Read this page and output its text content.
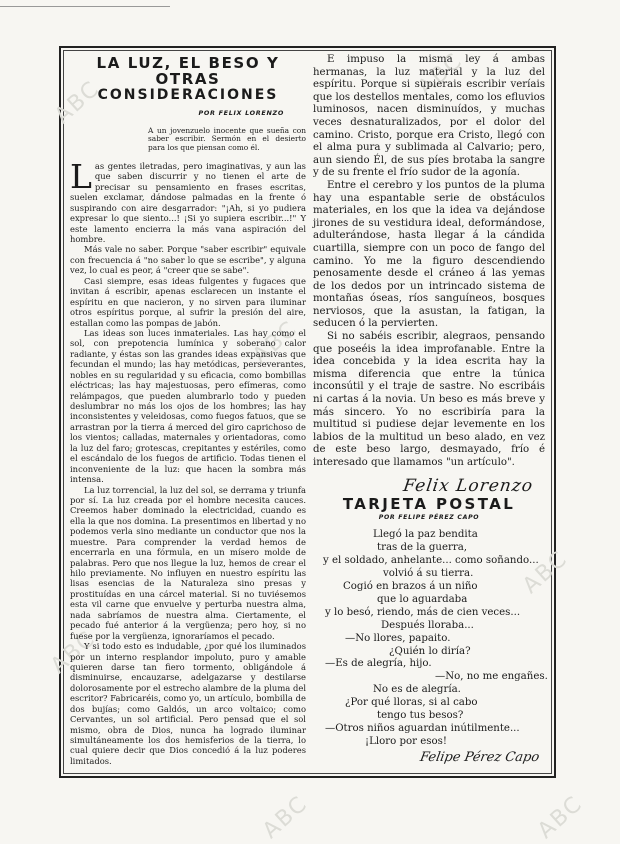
ABC
ABC
ABC
ABC
ABC
ABC	ABC
LA LUZ, EL BESO Y OTRAS
CONSIDERACIONES
POR FELIX LORENZO
A un jovenzuelo inocente que sueña con saber escribir. Sermón en el desierto para los que piensan como él.

Las gentes iletradas, pero imaginativas, y aun las que saben discurrir y no tienen el arte de precisar su pensamiento en frases escritas, suelen exclamar, dándose palmadas en la frente ó suspirando con aire desgarrador: "¡Ah, si yo pudiera expresar lo que siento...! ¡Si yo supiera escribir...!" Y este lamento encierra la más vana aspiración del hombre.

Más vale no saber. Porque "saber escribir" equivale con frecuencia á "no saber lo que se escribe", y alguna vez, lo cual es peor, á "creer que se sabe".

Casi siempre, esas ideas fulgentes y fugaces que invitan á escribir, apenas esclarecen un instante el espíritu en que nacieron, y no sirven para iluminar otros espíritus porque, al sufrir la presión del aire, estallan como las pompas de jabón.

Las ideas son luces inmateriales. Las hay como el sol, con prepotencia lumínica y soberano calor radiante, y éstas son las grandes ideas expansivas que fecundan el mundo; las hay metódicas, perseverantes, nobles en su regularidad y su eficacia, como bombillas eléctricas; las hay majestuosas, pero efímeras, como relámpagos, que pueden alumbrarlo todo y pueden deslumbrar no más los ojos de los hombres; las hay inconsistentes y veleidosas, como fuegos fatuos, que se arrastran por la tierra á merced del giro caprichoso de los vientos; calladas, maternales y orientadoras, como la luz del faro; grotescas, crepitantes y estériles, como el escándalo de los fuegos de artificio. Todas tienen el inconveniente de la luz: que hacen la sombra más intensa.

La luz torrencial, la luz del sol, se derrama y triunfa por sí. La luz creada por el hombre necesita cauces. Creemos haber dominado la electricidad, cuando es ella la que nos domina. La presentimos en libertad y no podemos verla sino mediante un conductor que nos la muestre. Para comprender la verdad hemos de encerrarla en una fórmula, en un mísero molde de palabras. Pero que nos llegue la luz, hemos de crear el hilo previamente. No influyen en nuestro espíritu las lisas esencias de la Naturaleza sino presas y prostituídas en una cárcel material. Si no tuviésemos esta vil carne que envuelve y perturba nuestra alma, nada sabríamos de nuestra alma. Ciertamente, el pecado fué anterior á la vergüenza; pero hoy, si no fuese por la vergüenza, ignoraríamos el pecado.

Y si todo esto es indudable, ¿por qué los iluminados por un interno resplandor impoluto, puro y amable quieren darse tan fiero tormento, obligándole á disminuirse, encauzarse, adelgazarse y destilarse dolorosamente por el estrecho alambre de la pluma del escritor? Fabricaréis, como yo, un artículo, bombilla de dos bujías; como Galdós, un arco voltaico; como Cervantes, un sol artificial. Pero pensad que el sol mismo, obra de Dios, nunca ha logrado iluminar simultáneamente los dos hemisferios de la tierra, lo cual quiere decir que Dios concedió á la luz poderes limitados.

E impuso la misma ley á ambas hermanas, la luz material y la luz del espíritu. Porque si supierais escribir veríais que los destellos mentales, como los efluvios luminosos, nacen disminuídos, y muchas veces desnaturalizados, por el dolor del camino. Cristo, porque era Cristo, llegó con el alma pura y sublimada al Calvario; pero, aun siendo Él, de sus píes brotaba la sangre y de su frente el frío sudor de la agonía.

Entre el cerebro y los puntos de la pluma hay una espantable serie de obstáculos materiales, en los que la idea va dejándose jirones de su vestidura ideal, deformándose, adulterándose, hasta llegar á la cándida cuartilla, siempre con un poco de fango del camino. Yo me la figuro descendiendo penosamente desde el cráneo á las yemas de los dedos por un intrincado sistema de montañas óseas, ríos sanguíneos, bosques nerviosos, que la asustan, la fatigan, la seducen ó la pervierten.

Si no sabéis escribir, alegraos, pensando que poseéis la idea improfanable. Entre la idea concebida y la idea escrita hay la misma diferencia que entre la túnica inconsútil y el traje de sastre. No escribáis ni cartas á la novia. Un beso es más breve y más sincero. Yo no escribiría para la multitud si pudiese dejar levemente en los labios de la multitud un beso alado, en vez de este beso largo, desmayado, frío é interesado que llamamos "un artículo".

Felix Lorenzo
TARJETA POSTAL
POR FELIPE PÉREZ CAPO
Llegó la paz bendita
tras de la guerra,
y el soldado, anhelante... como soñando...
volvió á su tierra.
Cogió en brazos á un niño
que lo aguardaba
y lo besó, riendo, más de cien veces...
Después lloraba...
—No llores, papaito.
¿Quién lo diría?
—Es de alegría, hijo.
—No, no me engañes.
No es de alegría.
¿Por qué lloras, si al cabo
tengo tus besos?
—Otros niños aguardan inútilmente...
¡Lloro por esos!
Felipe Pérez Capo
